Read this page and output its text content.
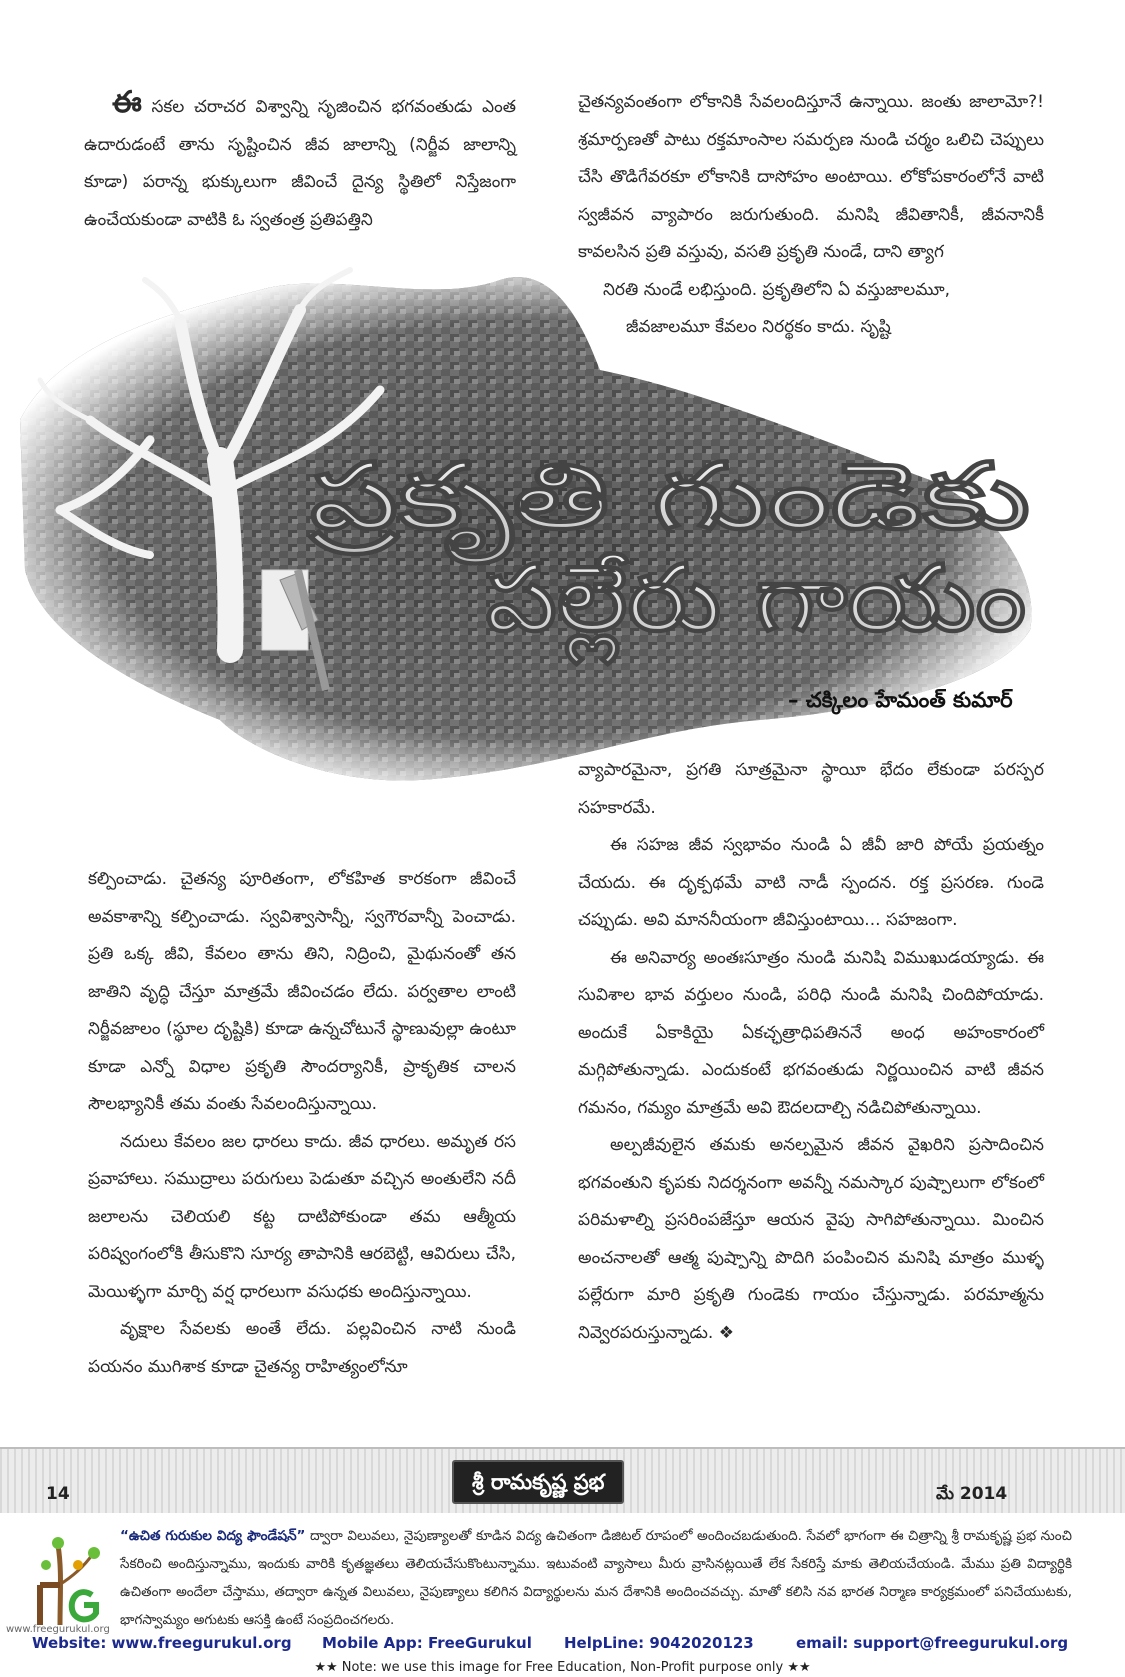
ఈ సకల చరాచర విశ్వాన్ని సృజించిన భగవంతుడు ఎంత ఉదారుడంటే తాను సృష్టించిన జీవ జాలాన్ని (నిర్జీవ జాలాన్ని కూడా) పరాన్న భుక్కులుగా జీవించే దైన్య స్థితిలో నిస్తేజంగా ఉంచేయకుండా వాటికి ఓ స్వతంత్ర ప్రతిపత్తిని

చైతన్యవంతంగా లోకానికి సేవలందిస్తూనే ఉన్నాయి. జంతు జాలామో?! శ్రమార్పణతో పాటు రక్తమాంసాల సమర్పణ నుండి చర్మం ఒలిచి చెప్పులు చేసి తొడిగేవరకూ లోకానికి దాసోహం అంటాయి. లోకోపకారంలోనే వాటి స్వజీవన వ్యాపారం జరుగుతుంది. మనిషి జీవితానికీ, జీవనానికీ కావలసిన ప్రతి వస్తువు, వసతి ప్రకృతి నుండే, దాని త్యాగ

నిరతి నుండే లభిస్తుంది. ప్రకృతిలోని ఏ వస్తుజాలమూ,

జీవజాలమూ కేవలం నిరర్థకం కాదు. సృష్టి

ప్రకృతి గుండెకు
పల్లేరు గాయం
– చక్కిలం హేమంత్ కుమార్

కల్పించాడు. చైతన్య పూరితంగా, లోకహిత కారకంగా జీవించే అవకాశాన్ని కల్పించాడు. స్వవిశ్వాసాన్నీ, స్వగౌరవాన్నీ పెంచాడు. ప్రతి ఒక్క జీవి, కేవలం తాను తిని, నిద్రించి, మైథునంతో తన జాతిని వృద్ధి చేస్తూ మాత్రమే జీవించడం లేదు. పర్వతాల లాంటి నిర్జీవజాలం (స్థూల దృష్టికి) కూడా ఉన్నచోటునే స్థాణువుల్లా ఉంటూ కూడా ఎన్నో విధాల ప్రకృతి సౌందర్యానికీ, ప్రాకృతిక చాలన సౌలభ్యానికీ తమ వంతు సేవలందిస్తున్నాయి.

నదులు కేవలం జల ధారలు కాదు. జీవ ధారలు. అమృత రస ప్రవాహాలు. సముద్రాలు పరుగులు పెడుతూ వచ్చిన అంతులేని నదీ జలాలను చెలియలి కట్ట దాటిపోకుండా తమ ఆత్మీయ పరిష్వంగంలోకి తీసుకొని సూర్య తాపానికి ఆరబెట్టి, ఆవిరులు చేసి, మెయిళ్ళగా మార్చి వర్ష ధారలుగా వసుధకు అందిస్తున్నాయి.

వృక్షాల సేవలకు అంతే లేదు. పల్లవించిన నాటి నుండి పయనం ముగిశాక కూడా చైతన్య రాహిత్యంలోనూ

వ్యాపారమైనా, ప్రగతి సూత్రమైనా స్థాయీ భేదం లేకుండా పరస్పర సహకారమే.

ఈ సహజ జీవ స్వభావం నుండి ఏ జీవీ జారి పోయే ప్రయత్నం చేయదు. ఈ దృక్పథమే వాటి నాడీ స్పందన. రక్త ప్రసరణ. గుండె చప్పుడు. అవి మాననీయంగా జీవిస్తుంటాయి... సహజంగా.

ఈ అనివార్య అంతఃసూత్రం నుండి మనిషి విముఖుడయ్యాడు. ఈ సువిశాల భావ వర్తులం నుండి, పరిధి నుండి మనిషి చిందిపోయాడు. అందుకే ఏకాకియై ఏకచ్ఛత్రాధిపతిననే అంధ అహంకారంలో మగ్గిపోతున్నాడు. ఎందుకంటే భగవంతుడు నిర్ణయించిన వాటి జీవన గమనం, గమ్యం మాత్రమే అవి ఔదలదాల్చి నడిచిపోతున్నాయి.

అల్పజీవులైన తమకు అనల్పమైన జీవన వైఖరిని ప్రసాదించిన భగవంతుని కృపకు నిదర్శనంగా అవన్నీ నమస్కార పుష్పాలుగా లోకంలో పరిమళాల్ని ప్రసరింపజేస్తూ ఆయన వైపు సాగిపోతున్నాయి. మించిన అంచనాలతో ఆత్మ పుష్పాన్ని పొదిగి పంపించిన మనిషి మాత్రం ముళ్ళ పల్లేరుగా మారి ప్రకృతి గుండెకు గాయం చేస్తున్నాడు. పరమాత్మను నివ్వెరపరుస్తున్నాడు. ❖

14	శ్రీ రామకృష్ణ ప్రభ	మే 2014
www.freegurukul.org
“ఉచిత గురుకుల విద్య ఫౌండేషన్” ద్వారా విలువలు, నైపుణ్యాలతో కూడిన విద్య ఉచితంగా డిజిటల్ రూపంలో అందించబడుతుంది. సేవలో భాగంగా ఈ చిత్రాన్ని శ్రీ రామకృష్ణ ప్రభ నుంచి సేకరించి అందిస్తున్నాము, ఇందుకు వారికి కృతజ్ఞతలు తెలియచేసుకొంటున్నాము. ఇటువంటి వ్యాసాలు మీరు వ్రాసినట్లయితే లేక సేకరిస్తే మాకు తెలియచేయండి. మేము ప్రతి విద్యార్థికి ఉచితంగా అందేలా చేస్తాము, తద్వారా ఉన్నత విలువలు, నైపుణ్యాలు కలిగిన విద్యార్థులను మన దేశానికి అందించవచ్చు. మాతో కలిసి నవ భారత నిర్మాణ కార్యక్రమంలో పనిచేయుటకు, భాగస్వామ్యం అగుటకు ఆసక్తి ఉంటే సంప్రదించగలరు.
Website: www.freegurukul.org Mobile App: FreeGurukul HelpLine: 9042020123	email: support@freegurukul.org
★★ Note: we use this image for Free Education, Non-Profit purpose only ★★
